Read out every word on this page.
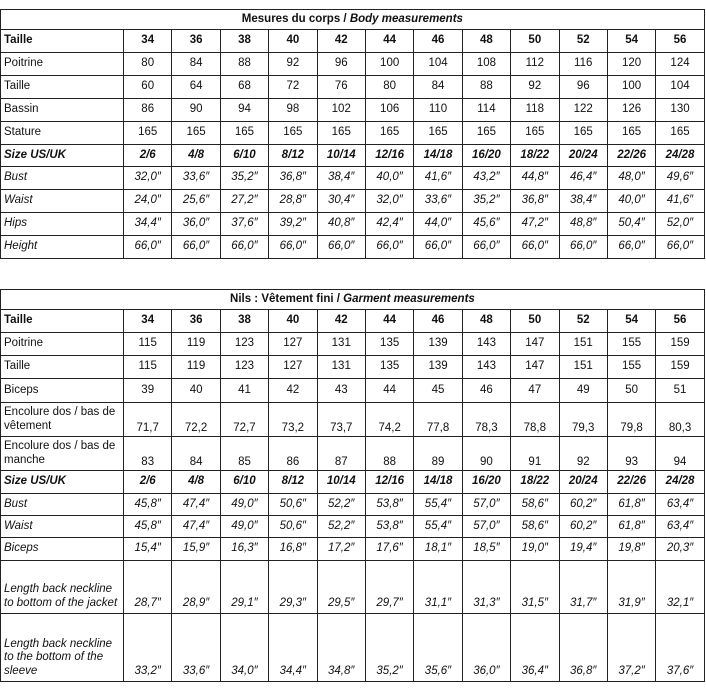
Mesures du corps / Body measurements												
Taille	34	36	38	40	42	44	46	48	50	52	54	56
Poitrine	80	84	88	92	96	100	104	108	112	116	120	124
Taille	60	64	68	72	76	80	84	88	92	96	100	104
Bassin	86	90	94	98	102	106	110	114	118	122	126	130
Stature	165	165	165	165	165	165	165	165	165	165	165	165
Size US/UK	2/6	4/8	6/10	8/12	10/14	12/16	14/18	16/20	18/22	20/24	22/26	24/28
Bust	32,0″	33,6″	35,2″	36,8″	38,4″	40,0″	41,6″	43,2″	44,8″	46,4″	48,0″	49,6″
Waist	24,0″	25,6″	27,2″	28,8″	30,4″	32,0″	33,6″	35,2″	36,8″	38,4″	40,0″	41,6″
Hips	34,4″	36,0″	37,6″	39,2″	40,8″	42,4″	44,0″	45,6″	47,2″	48,8″	50,4″	52,0″
Height	66,0″	66,0″	66,0″	66,0″	66,0″	66,0″	66,0″	66,0″	66,0″	66,0″	66,0″	66,0″
Nils : Vêtement fini / Garment measurements												
Taille	34	36	38	40	42	44	46	48	50	52	54	56
Poitrine	115	119	123	127	131	135	139	143	147	151	155	159
Taille	115	119	123	127	131	135	139	143	147	151	155	159
Biceps	39	40	41	42	43	44	45	46	47	49	50	51
Encolure dos / bas de vêtement	71,7	72,2	72,7	73,2	73,7	74,2	77,8	78,3	78,8	79,3	79,8	80,3
Encolure dos / bas de manche	83	84	85	86	87	88	89	90	91	92	93	94
Size US/UK	2/6	4/8	6/10	8/12	10/14	12/16	14/18	16/20	18/22	20/24	22/26	24/28
Bust	45,8″	47,4″	49,0″	50,6″	52,2″	53,8″	55,4″	57,0″	58,6″	60,2″	61,8″	63,4″
Waist	45,8″	47,4″	49,0″	50,6″	52,2″	53,8″	55,4″	57,0″	58,6″	60,2″	61,8″	63,4″
Biceps	15,4″	15,9″	16,3″	16,8″	17,2″	17,6″	18,1″	18,5″	19,0″	19,4″	19,8″	20,3″
Length back neckline to bottom of the jacket	28,7″	28,9″	29,1″	29,3″	29,5″	29,7″	31,1″	31,3″	31,5″	31,7″	31,9″	32,1″
Length back neckline to the bottom of the sleeve	33,2″	33,6″	34,0″	34,4″	34,8″	35,2″	35,6″	36,0″	36,4″	36,8″	37,2″	37,6″
